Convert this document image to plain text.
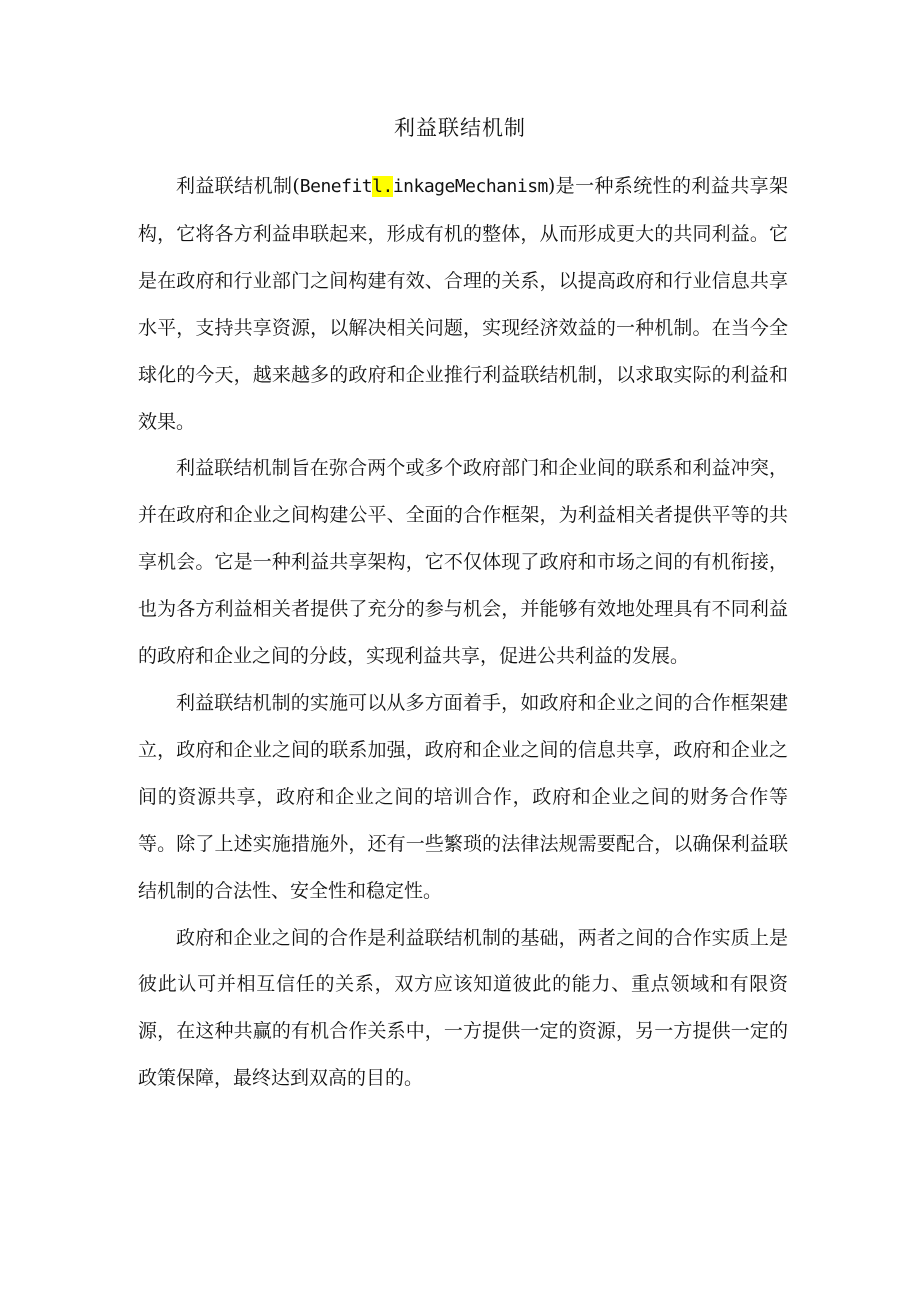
利益联结机制

利益联结机制(Benefitl.inkageMechanism)是一种系统性的利益共享架构，它将各方利益串联起来，形成有机的整体，从而形成更大的共同利益。它是在政府和行业部门之间构建有效、合理的关系，以提高政府和行业信息共享水平，支持共享资源，以解决相关问题，实现经济效益的一种机制。在当今全球化的今天，越来越多的政府和企业推行利益联结机制，以求取实际的利益和效果。

利益联结机制旨在弥合两个或多个政府部门和企业间的联系和利益冲突，并在政府和企业之间构建公平、全面的合作框架，为利益相关者提供平等的共享机会。它是一种利益共享架构，它不仅体现了政府和市场之间的有机衔接，也为各方利益相关者提供了充分的参与机会，并能够有效地处理具有不同利益的政府和企业之间的分歧，实现利益共享，促进公共利益的发展。

利益联结机制的实施可以从多方面着手，如政府和企业之间的合作框架建立，政府和企业之间的联系加强，政府和企业之间的信息共享，政府和企业之间的资源共享，政府和企业之间的培训合作，政府和企业之间的财务合作等等。除了上述实施措施外，还有一些繁琐的法律法规需要配合，以确保利益联结机制的合法性、安全性和稳定性。

政府和企业之间的合作是利益联结机制的基础，两者之间的合作实质上是彼此认可并相互信任的关系，双方应该知道彼此的能力、重点领域和有限资源，在这种共赢的有机合作关系中，一方提供一定的资源，另一方提供一定的政策保障，最终达到双高的目的。
